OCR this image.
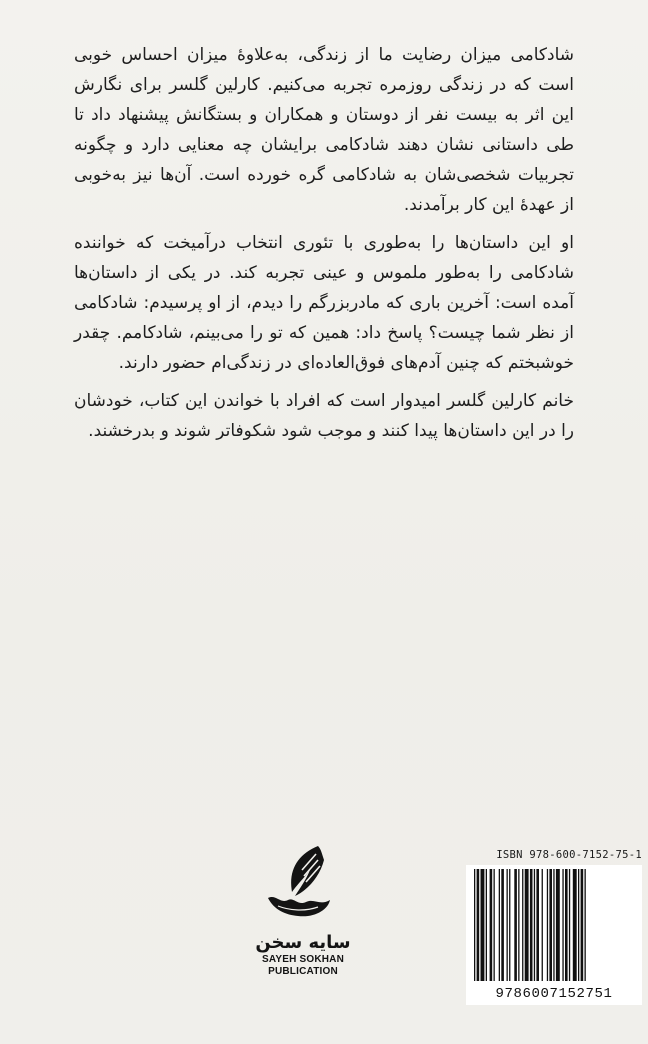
شادکامی میزان رضایت ما از زندگی، به‌علاوهٔ میزان احساس خوبی است که در زندگی روزمره تجربه می‌کنیم. کارلین گلسر برای نگارش این اثر به بیست نفر از دوستان و همکاران و بستگانش پیشنهاد داد تا طی داستانی نشان دهند شادکامی برایشان چه معنایی دارد و چگونه تجربیات شخصی‌شان به شادکامی گره خورده است. آن‌ها نیز به‌خوبی از عهدهٔ این کار برآمدند.

او این داستان‌ها را به‌طوری با تئوری انتخاب درآمیخت که خواننده شادکامی را به‌طور ملموس و عینی تجربه کند. در یکی از داستان‌ها آمده است: آخرین باری که مادربزرگم را دیدم، از او پرسیدم: شادکامی از نظر شما چیست؟ پاسخ داد: همین که تو را می‌بینم، شادکامم. چقدر خوشبختم که چنین آدم‌های فوق‌العاده‌ای در زندگی‌ام حضور دارند.

خانم کارلین گلسر امیدوار است که افراد با خواندن این کتاب، خودشان را در این داستان‌ها پیدا کنند و موجب شود شکوفاتر شوند و بدرخشند.

سایه سخن
SAYEH SOKHAN
PUBLICATION
ISBN 978-600-7152-75-1
9786007152751
